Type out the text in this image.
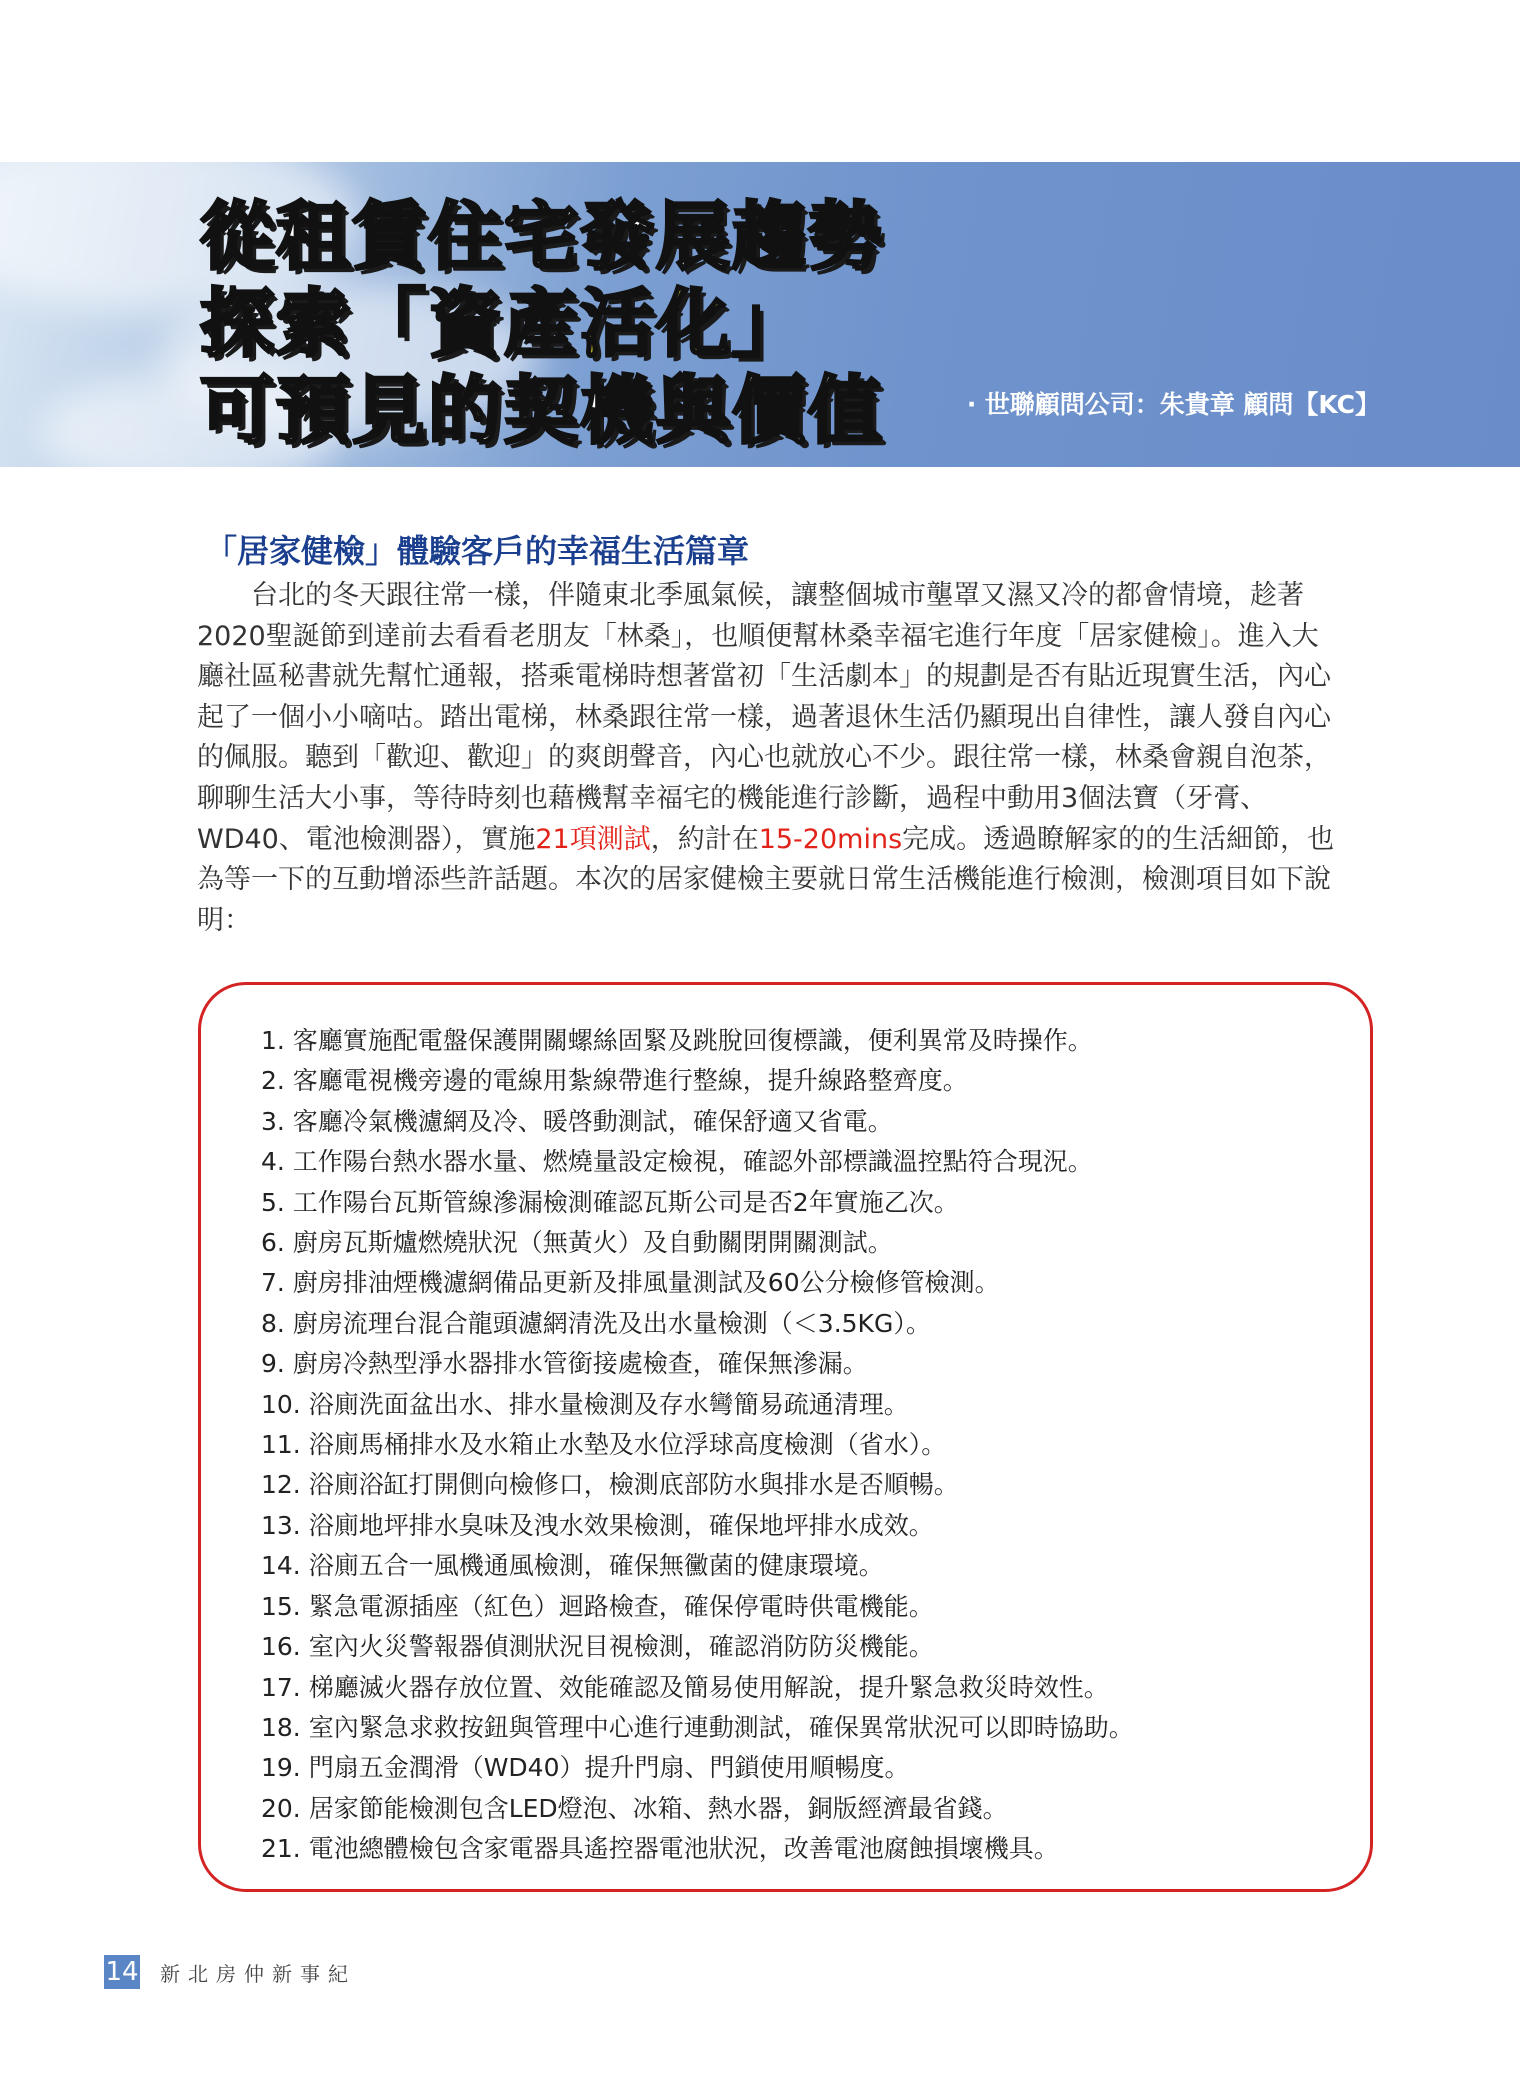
從租賃住宅發展趨勢
探索「資產活化」
可預見的契機與價值	‧ 世聯顧問公司：朱貴章 顧問【KC】
「居家健檢」體驗客戶的幸福生活篇章

台北的冬天跟往常一樣，伴隨東北季風氣候，讓整個城市壟罩又濕又冷的都會情境，趁著
2020聖誕節到達前去看看老朋友「林桑」，也順便幫林桑幸福宅進行年度「居家健檢」。進入大
廳社區秘書就先幫忙通報，搭乘電梯時想著當初「生活劇本」的規劃是否有貼近現實生活，內心
起了一個小小嘀咕。踏出電梯，林桑跟往常一樣，過著退休生活仍顯現出自律性，讓人發自內心
的佩服。聽到「歡迎、歡迎」的爽朗聲音，內心也就放心不少。跟往常一樣，林桑會親自泡茶，
聊聊生活大小事，等待時刻也藉機幫幸福宅的機能進行診斷，過程中動用3個法寶（牙膏、
WD40、電池檢測器），實施21項測試，約計在15-20mins完成。透過瞭解家的的生活細節，也
為等一下的互動增添些許話題。本次的居家健檢主要就日常生活機能進行檢測，檢測項目如下說
明：

1. 客廳實施配電盤保護開關螺絲固緊及跳脫回復標識，便利異常及時操作。
2. 客廳電視機旁邊的電線用紮線帶進行整線，提升線路整齊度。
3. 客廳冷氣機濾網及冷、暖啓動測試，確保舒適又省電。
4. 工作陽台熱水器水量、燃燒量設定檢視，確認外部標識溫控點符合現況。
5. 工作陽台瓦斯管線滲漏檢測確認瓦斯公司是否2年實施乙次。
6. 廚房瓦斯爐燃燒狀況（無黃火）及自動關閉開關測試。
7. 廚房排油煙機濾網備品更新及排風量測試及60公分檢修管檢測。
8. 廚房流理台混合龍頭濾網清洗及出水量檢測（＜3.5KG）。
9. 廚房冷熱型淨水器排水管銜接處檢查，確保無滲漏。
10. 浴廁洗面盆出水、排水量檢測及存水彎簡易疏通清理。
11. 浴廁馬桶排水及水箱止水墊及水位浮球高度檢測（省水）。
12. 浴廁浴缸打開側向檢修口，檢測底部防水與排水是否順暢。
13. 浴廁地坪排水臭味及洩水效果檢測，確保地坪排水成效。
14. 浴廁五合一風機通風檢測，確保無黴菌的健康環境。
15. 緊急電源插座（紅色）迴路檢查，確保停電時供電機能。
16. 室內火災警報器偵測狀況目視檢測，確認消防防災機能。
17. 梯廳滅火器存放位置、效能確認及簡易使用解說，提升緊急救災時效性。
18. 室內緊急求救按鈕與管理中心進行連動測試，確保異常狀況可以即時協助。
19. 門扇五金潤滑（WD40）提升門扇、門鎖使用順暢度。
20. 居家節能檢測包含LED燈泡、冰箱、熱水器，銅版經濟最省錢。
21. 電池總體檢包含家電器具遙控器電池狀況，改善電池腐蝕損壞機具。
14 新北房仲新事紀
